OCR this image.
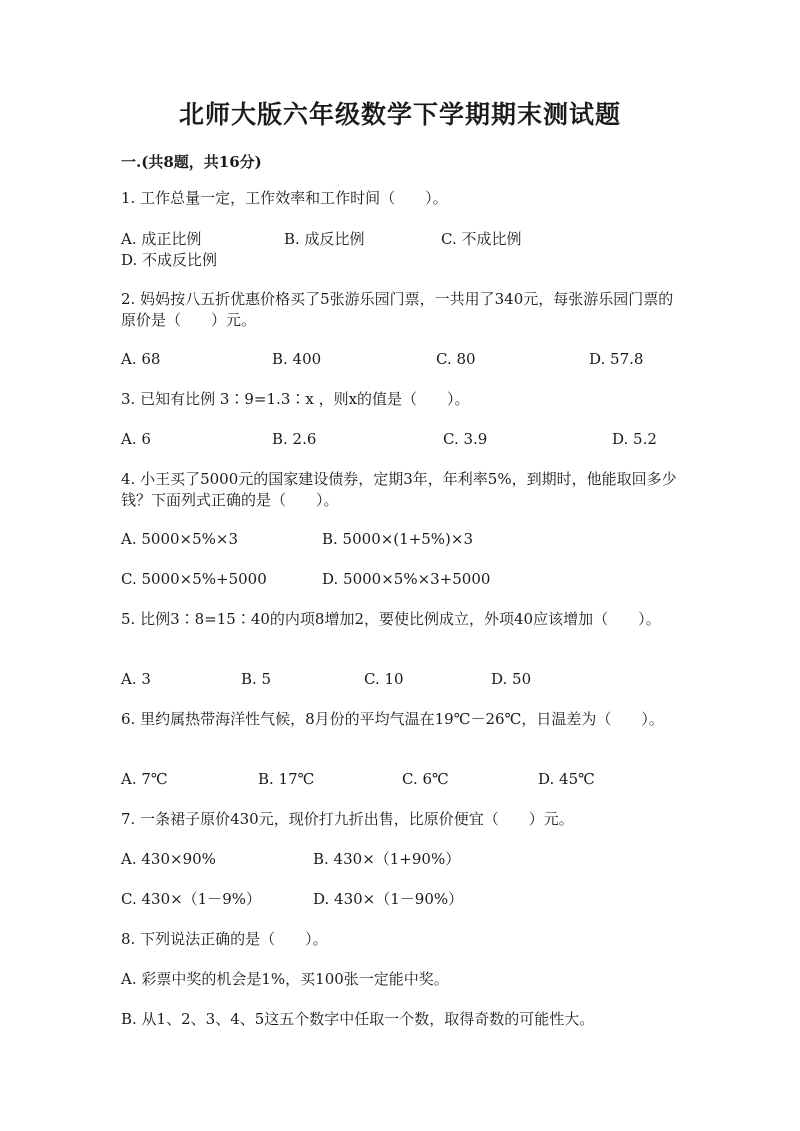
北师大版六年级数学下学期期末测试题
一.(共8题，共16分)
1. 工作总量一定，工作效率和工作时间（　　）。
A. 成正比例	B. 成反比例	C. 不成比例D. 不成反比例
2. 妈妈按八五折优惠价格买了5张游乐园门票，一共用了340元，每张游乐园门票的原价是（　　）元。
A. 68	B. 400	C. 80	D. 57.8
3. 已知有比例 3∶9=1.3∶x ，则x的值是（　　）。
A. 6	B. 2.6	C. 3.9	D. 5.2
4. 小王买了5000元的国家建设债券，定期3年，年利率5%，到期时，他能取回多少钱？下面列式正确的是（　　）。
A. 5000×5%×3	B. 5000×(1+5%)×3
C. 5000×5%+5000	D. 5000×5%×3+5000
5. 比例3∶8=15∶40的内项8增加2，要使比例成立，外项40应该增加（　　）。
A. 3	B. 5	C. 10	D. 50
6. 里约属热带海洋性气候，8月份的平均气温在19℃－26℃，日温差为（　　）。
A. 7℃	B. 17℃	C. 6℃	D. 45℃
7. 一条裙子原价430元，现价打九折出售，比原价便宜（　　）元。
A. 430×90%	B. 430×（1+90%）
C. 430×（1－9%）	D. 430×（1－90%）
8. 下列说法正确的是（　　）。
A. 彩票中奖的机会是1%，买100张一定能中奖。
B. 从1、2、3、4、5这五个数字中任取一个数，取得奇数的可能性大。
